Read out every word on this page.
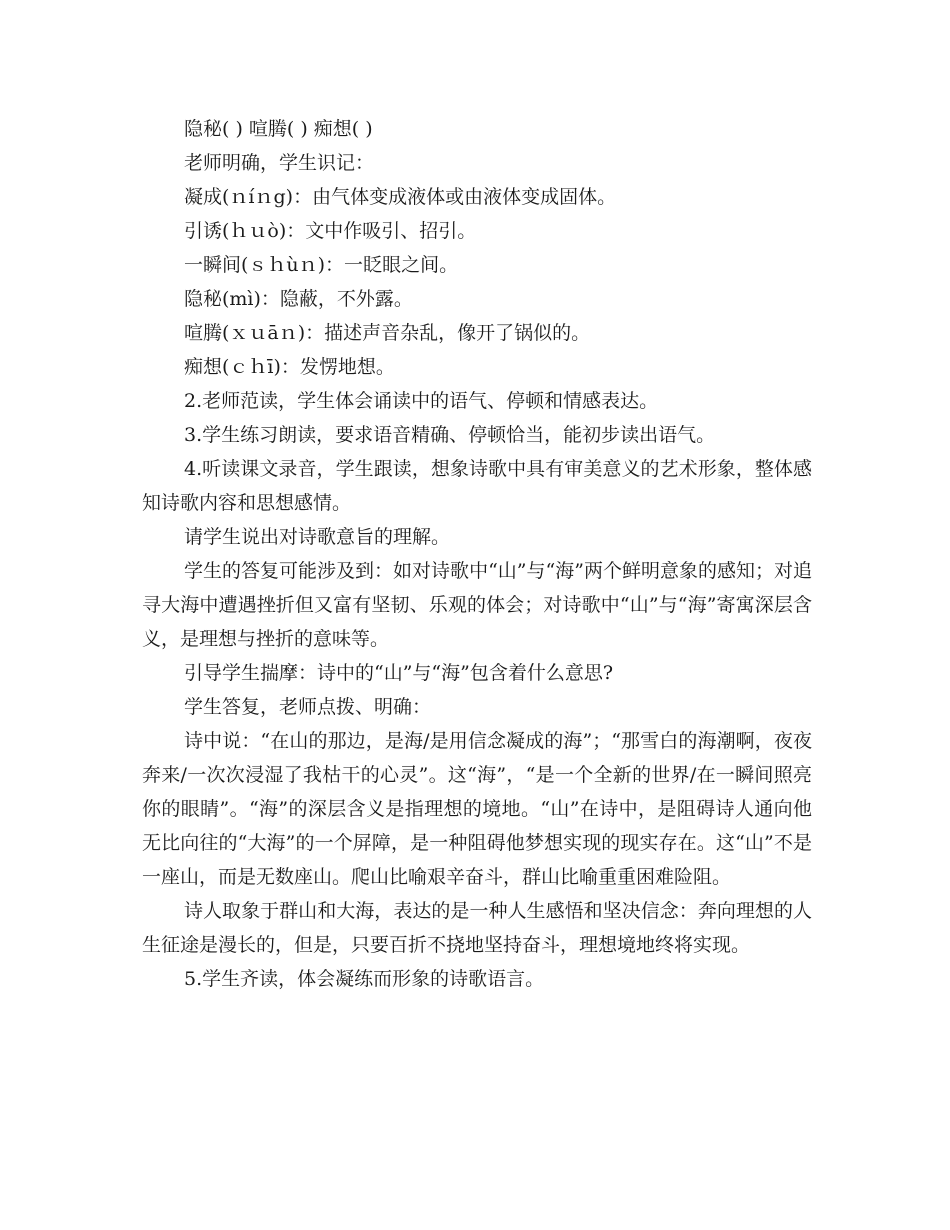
隐秘( ) 喧腾( ) 痴想( )

老师明确，学生识记：

凝成(ｎíｎg)：由气体变成液体或由液体变成固体。

引诱(ｈｕò)：文中作吸引、招引。

一瞬间(ｓｈùｎ)：一眨眼之间。

隐秘(mì)：隐蔽，不外露。

喧腾(ｘｕāｎ)：描述声音杂乱，像开了锅似的。

痴想(ｃｈī)：发愣地想。

2.老师范读，学生体会诵读中的语气、停顿和情感表达。

3.学生练习朗读，要求语音精确、停顿恰当，能初步读出语气。

4.听读课文录音，学生跟读，想象诗歌中具有审美意义的艺术形象，整体感知诗歌内容和思想感情。

请学生说出对诗歌意旨的理解。

学生的答复可能涉及到：如对诗歌中“山”与“海”两个鲜明意象的感知；对追寻大海中遭遇挫折但又富有坚韧、乐观的体会；对诗歌中“山”与“海”寄寓深层含义，是理想与挫折的意味等。

引导学生揣摩：诗中的“山”与“海”包含着什么意思?

学生答复，老师点拨、明确：

诗中说：“在山的那边，是海/是用信念凝成的海”；“那雪白的海潮啊，夜夜奔来/一次次浸湿了我枯干的心灵”。这“海”，“是一个全新的世界/在一瞬间照亮你的眼睛”。“海”的深层含义是指理想的境地。“山”在诗中，是阻碍诗人通向他无比向往的“大海”的一个屏障，是一种阻碍他梦想实现的现实存在。这“山”不是一座山，而是无数座山。爬山比喻艰辛奋斗，群山比喻重重困难险阻。

诗人取象于群山和大海，表达的是一种人生感悟和坚决信念：奔向理想的人生征途是漫长的，但是，只要百折不挠地坚持奋斗，理想境地终将实现。

5.学生齐读，体会凝练而形象的诗歌语言。
